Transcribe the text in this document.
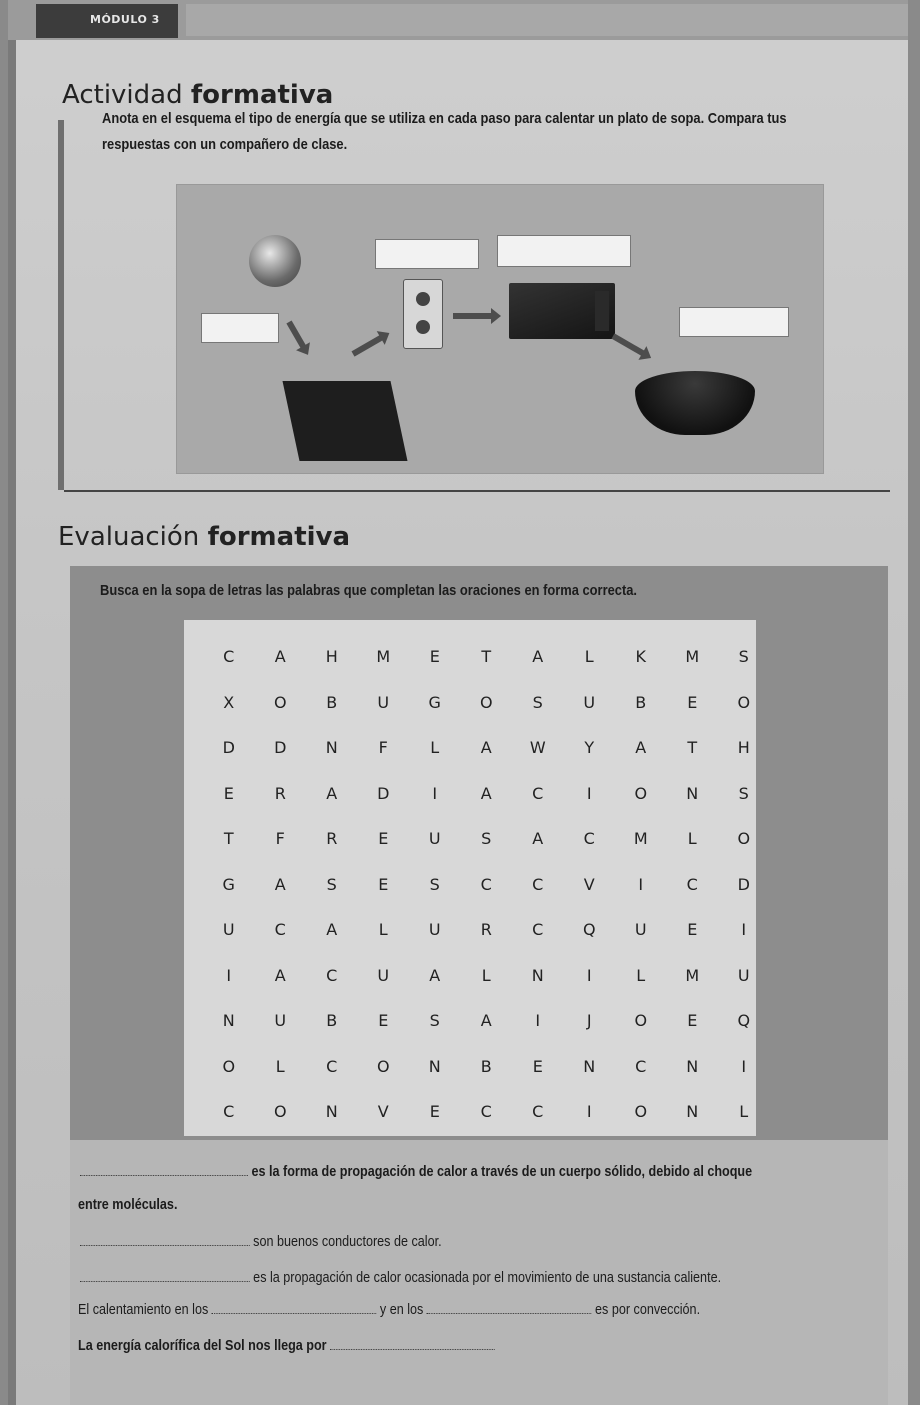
MÓDULO 3
Actividad formativa
Anota en el esquema el tipo de energía que se utiliza en cada paso para calentar un plato de sopa. Compara tus
respuestas con un compañero de clase.
Evaluación formativa
Busca en la sopa de letras las palabras que completan las oraciones en forma correcta.
C	A	H	M	E	T	A	L	K	M	S
X	O	B	U	G	O	S	U	B	E	O
D	D	N	F	L	A	W	Y	A	T	H
E	R	A	D	I	A	C	I	O	N	S
T	F	R	E	U	S	A	C	M	L	O
G	A	S	E	S	C	C	V	I	C	D
U	C	A	L	U	R	C	Q	U	E	I
I	A	C	U	A	L	N	I	L	M	U
N	U	B	E	S	A	I	J	O	E	Q
O	L	C	O	N	B	E	N	C	N	I
C	O	N	V	E	C	C	I	O	N	L
es la forma de propagación de calor a través de un cuerpo sólido, debido al choque
entre moléculas.
son buenos conductores de calor.
es la propagación de calor ocasionada por el movimiento de una sustancia caliente.
El calentamiento en los	y en los	es por convección.
La energía calorífica del Sol nos llega por
